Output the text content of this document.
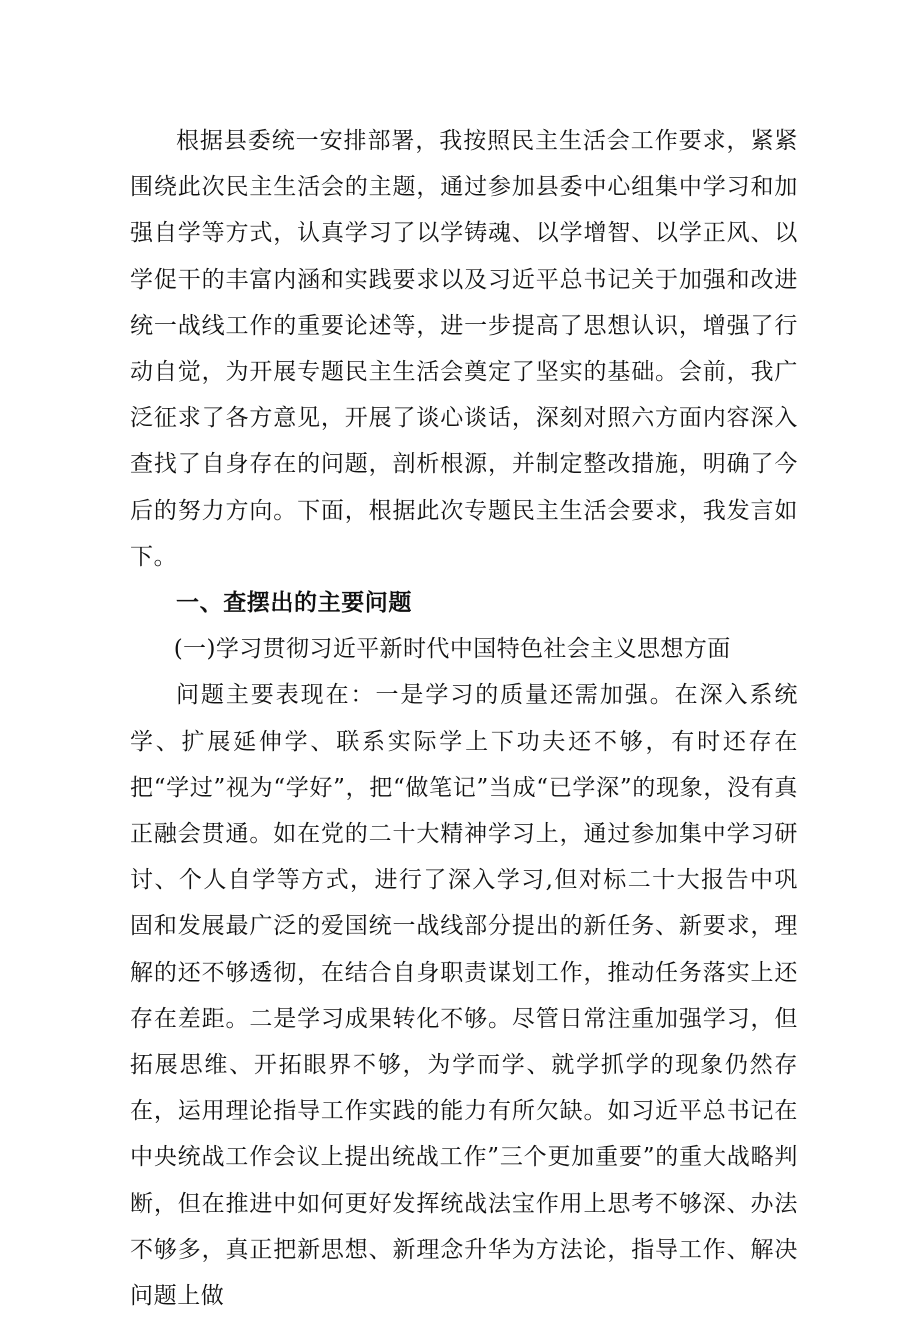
根据县委统一安排部署，我按照民主生活会工作要求，紧紧围绕此次民主生活会的主题，通过参加县委中心组集中学习和加强自学等方式，认真学习了以学铸魂、以学增智、以学正风、以学促干的丰富内涵和实践要求以及习近平总书记关于加强和改进统一战线工作的重要论述等，进一步提高了思想认识，增强了行动自觉，为开展专题民主生活会奠定了坚实的基础。会前，我广泛征求了各方意见，开展了谈心谈话，深刻对照六方面内容深入查找了自身存在的问题，剖析根源，并制定整改措施，明确了今后的努力方向。下面，根据此次专题民主生活会要求，我发言如下。

一、查摆出的主要问题
(一)学习贯彻习近平新时代中国特色社会主义思想方面

问题主要表现在：一是学习的质量还需加强。在深入系统学、扩展延伸学、联系实际学上下功夫还不够，有时还存在把“学过”视为“学好”，把“做笔记”当成“已学深”的现象，没有真正融会贯通。如在党的二十大精神学习上，通过参加集中学习研讨、个人自学等方式，进行了深入学习,但对标二十大报告中巩固和发展最广泛的爱国统一战线部分提出的新任务、新要求，理解的还不够透彻，在结合自身职责谋划工作，推动任务落实上还存在差距。二是学习成果转化不够。尽管日常注重加强学习，但拓展思维、开拓眼界不够，为学而学、就学抓学的现象仍然存在，运用理论指导工作实践的能力有所欠缺。如习近平总书记在中央统战工作会议上提出统战工作”三个更加重要”的重大战略判断，但在推进中如何更好发挥统战法宝作用上思考不够深、办法不够多，真正把新思想、新理念升华为方法论，指导工作、解决问题上做
